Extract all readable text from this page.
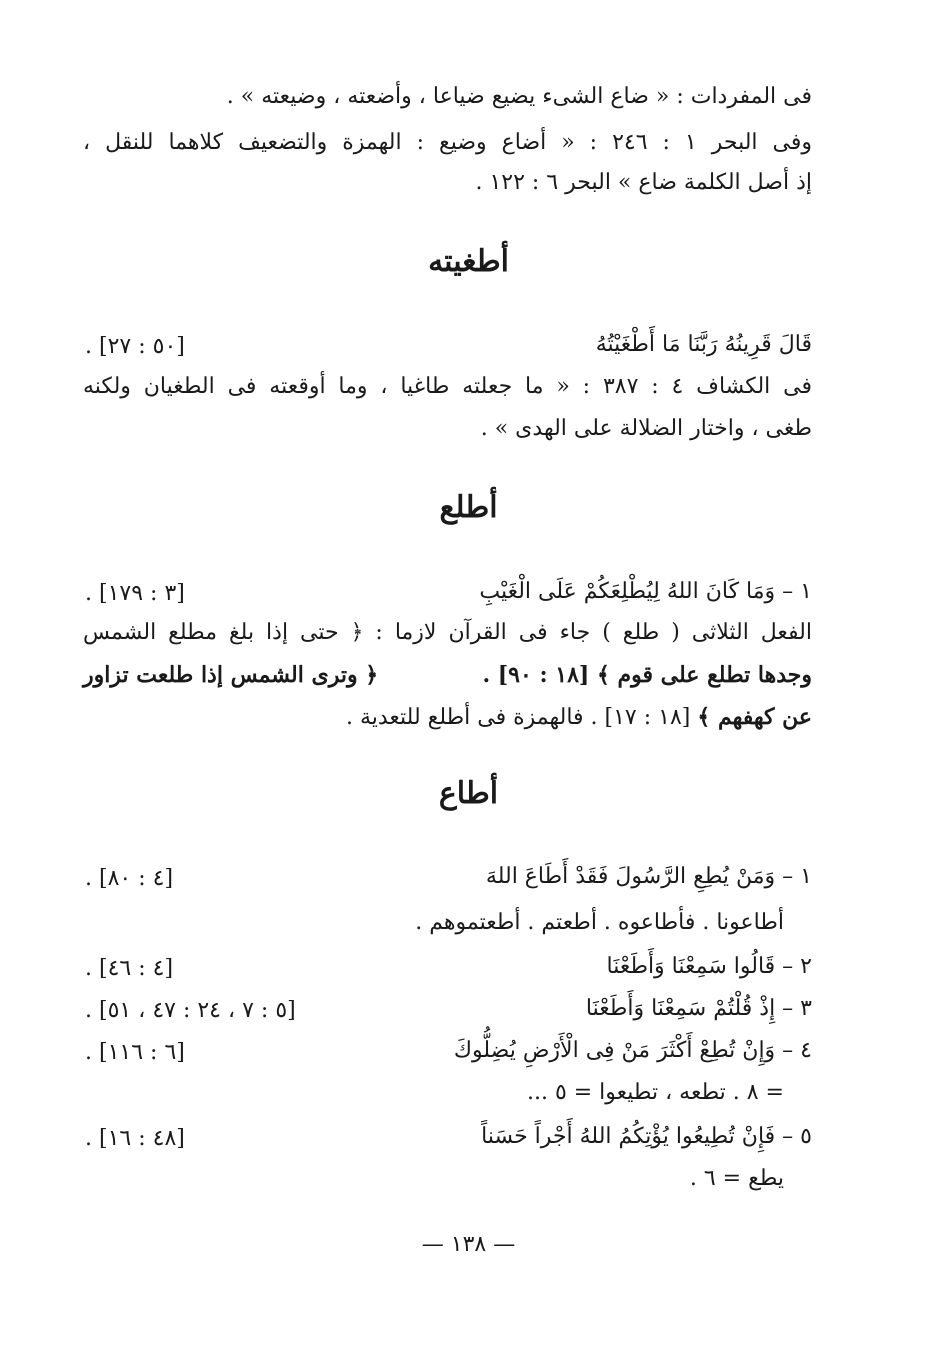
فى المفردات : « ضاع الشىء يضيع ضياعا ، وأضعته ، وضيعته » .
وفى البحر ١ : ٢٤٦ : « أضاع وضيع : الهمزة والتضعيف كلاهما للنقل ،
إذ أصل الكلمة ضاع » البحر ٦ : ١٢٢ .
أطغيته
قَالَ قَرِينُهُ رَبَّنَا مَا أَطْغَيْتُهُ
[٥٠ : ٢٧] .
فى الكشاف ٤ : ٣٨٧ : « ما جعلته طاغيا ، وما أوقعته فى الطغيان ولكنه
طغى ، واختار الضلالة على الهدى » .
أطلع
١ – وَمَا كَانَ اللهُ لِيُطْلِعَكُمْ عَلَى الْغَيْبِ
[٣ : ١٧٩] .
الفعل الثلاثى ( طلع ) جاء فى القرآن لازما : ﴿ حتى إذا بلغ مطلع الشمس
وجدها تطلع على قوم ﴾ [١٨ : ٩٠] .
﴿ وترى الشمس إذا طلعت تزاور
عن كهفهم ﴾ [١٨ : ١٧] . فالهمزة فى أطلع للتعدية .
أطاع
١ – وَمَنْ يُطِعِ الرَّسُولَ فَقَدْ أَطَاعَ اللهَ
[٤ : ٨٠] .
أطاعونا . فأطاعوه . أطعتم . أطعتموهم .
٢ – قَالُوا سَمِعْنَا وَأَطَعْنَا
[٤ : ٤٦] .
٣ – إِذْ قُلْتُمْ سَمِعْنَا وَأَطَعْنَا
[٥ : ٧ ، ٢٤ : ٤٧ ، ٥١] .
٤ – وَإِنْ تُطِعْ أَكْثَرَ مَنْ فِى الْأَرْضِ يُضِلُّوكَ
[٦ : ١١٦] .
= ٨ . تطعه ، تطيعوا = ٥ ...
٥ – فَإِنْ تُطِيعُوا يُؤْتِكُمُ اللهُ أَجْراً حَسَناً
[٤٨ : ١٦] .
يطع = ٦ .
— ١٣٨ —
